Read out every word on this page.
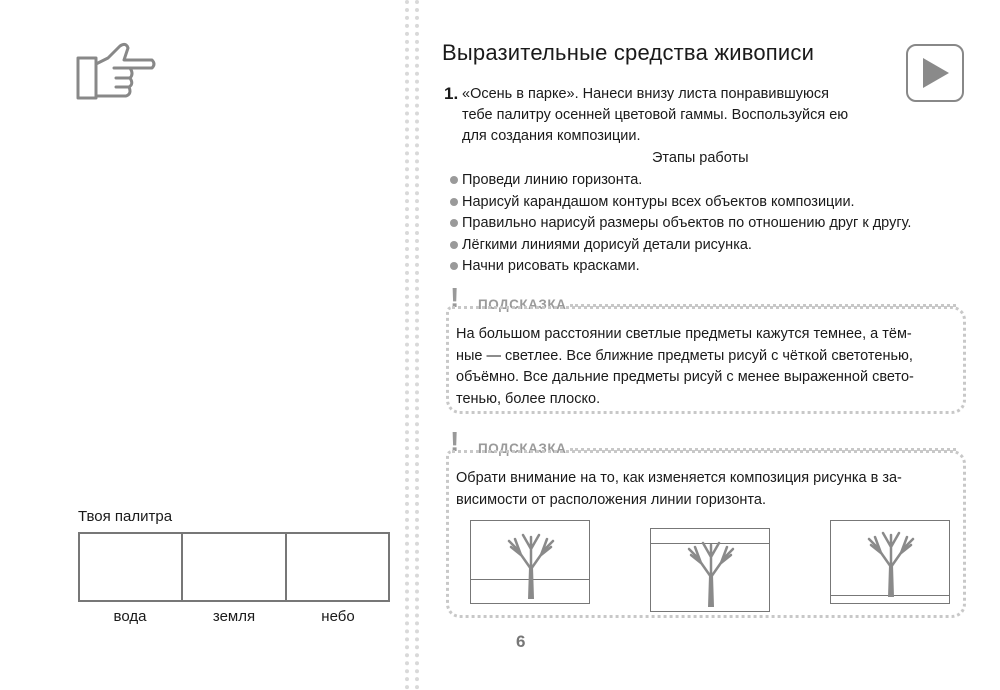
Твоя палитра
вода	земля	небо
Выразительные средства живописи
1. «Осень в парке». Нанеси внизу листа понравившуюся
тебе палитру осенней цветовой гаммы. Воспользуйся ею
для создания композиции.
Этапы работы
Проведи линию горизонта.
Нарисуй карандашом контуры всех объектов композиции.
Правильно нарисуй размеры объектов по отношению друг к другу.
Лёгкими линиями дорисуй детали рисунка.
Начни рисовать красками.
! ПОДСКАЗКА
На большом расстоянии светлые предметы кажутся темнее, а тём-
ные — светлее. Все ближние предметы рисуй с чёткой светотенью,
объёмно. Все дальние предметы рисуй с менее выраженной свето-
тенью, более плоско.
! ПОДСКАЗКА
Обрати внимание на то, как изменяется композиция рисунка в за-
висимости от расположения линии горизонта.
6
